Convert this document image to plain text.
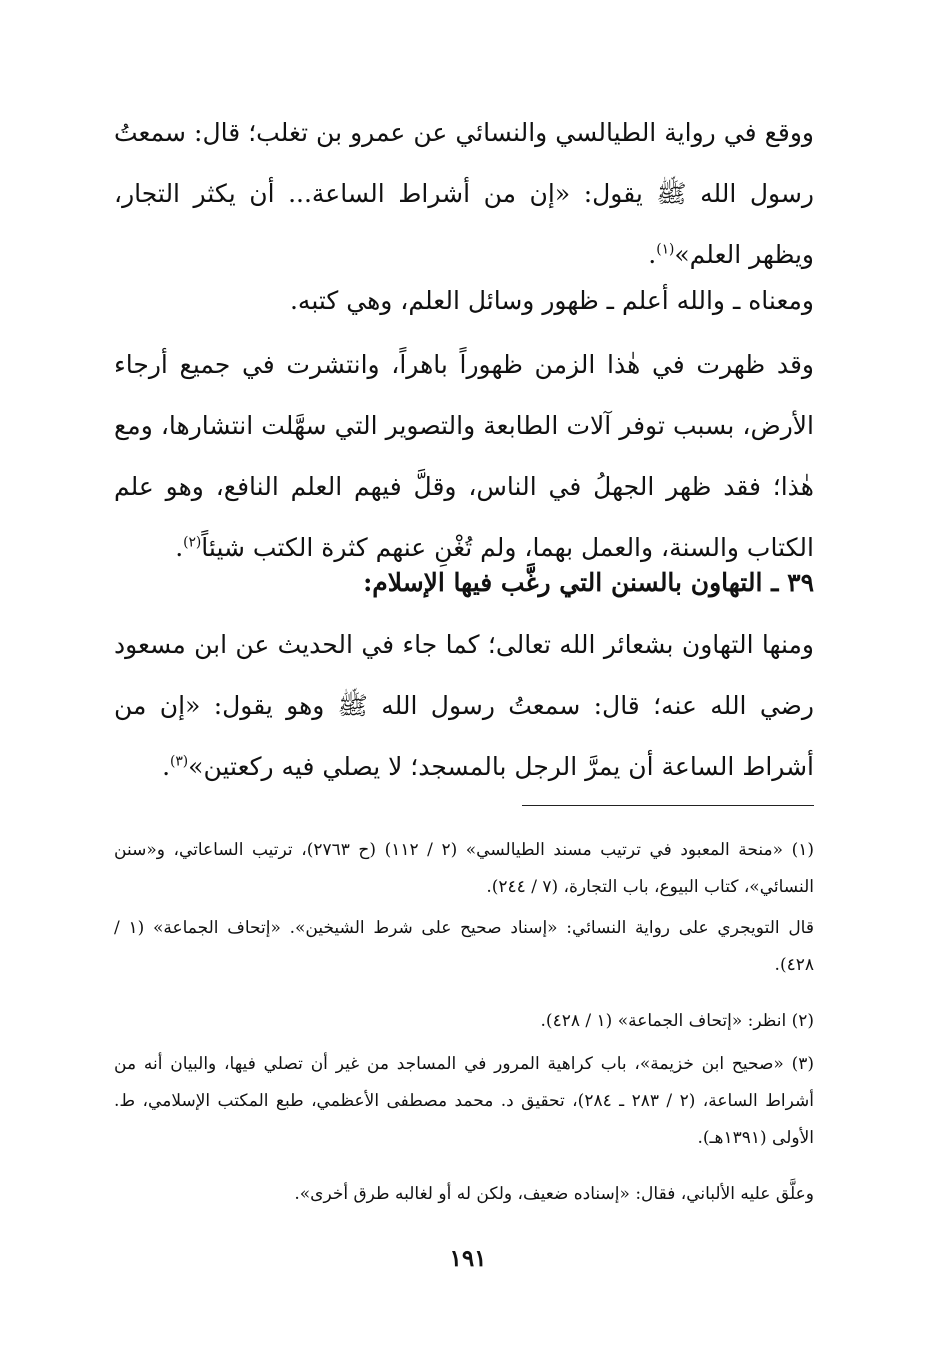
ووقع في رواية الطيالسي والنسائي عن عمرو بن تغلب؛ قال: سمعتُ رسول الله ﷺ يقول: «إن من أشراط الساعة... أن يكثر التجار، ويظهر العلم»$^{(١)}$.
ومعناه ـ والله أعلم ـ ظهور وسائل العلم، وهي كتبه.
وقد ظهرت في هٰذا الزمن ظهوراً باهراً، وانتشرت في جميع أرجاء الأرض، بسبب توفر آلات الطابعة والتصوير التي سهَّلت انتشارها، ومع هٰذا؛ فقد ظهر الجهلُ في الناس، وقلَّ فيهم العلم النافع، وهو علم الكتاب والسنة، والعمل بهما، ولم تُغْنِ عنهم كثرة الكتب شيئاً$^{(٢)}$.
٣٩ ـ التهاون بالسنن التي رغَّب فيها الإسلام:
ومنها التهاون بشعائر الله تعالى؛ كما جاء في الحديث عن ابن مسعود رضي الله عنه؛ قال: سمعتُ رسول الله ﷺ وهو يقول: «إن من أشراط الساعة أن يمرَّ الرجل بالمسجد؛ لا يصلي فيه ركعتين»$^{(٣)}$.
(١) «منحة المعبود في ترتيب مسند الطيالسي» (٢ / ١١٢) (ح ٢٧٦٣)، ترتيب الساعاتي، و«سنن النسائي»، كتاب البيوع، باب التجارة، (٧ / ٢٤٤).
قال التويجري على رواية النسائي: «إسناد صحيح على شرط الشيخين». «إتحاف الجماعة» (١ / ٤٢٨).
(٢) انظر: «إتحاف الجماعة» (١ / ٤٢٨).
(٣) «صحيح ابن خزيمة»، باب كراهية المرور في المساجد من غير أن تصلي فيها، والبيان أنه من أشراط الساعة، (٢ / ٢٨٣ ـ ٢٨٤)، تحقيق د. محمد مصطفى الأعظمي، طبع المكتب الإسلامي، ط. الأولى (١٣٩١هـ).
وعلَّق عليه الألباني، فقال: «إسناده ضعيف، ولكن له أو لغالبه طرق أخرى».
١٩١
